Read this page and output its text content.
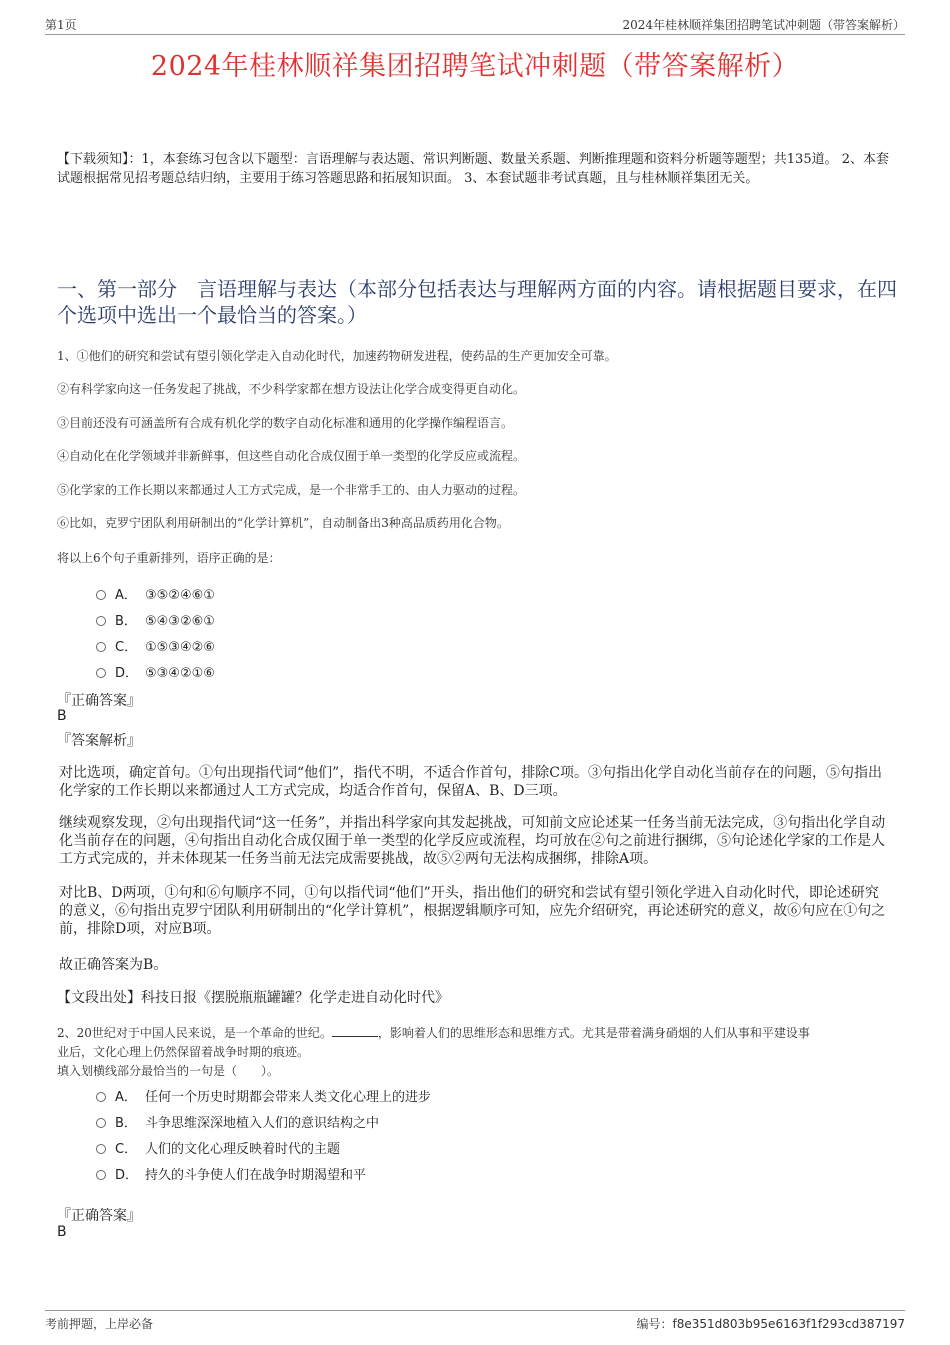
第1页	2024年桂林顺祥集团招聘笔试冲刺题（带答案解析）
2024年桂林顺祥集团招聘笔试冲刺题（带答案解析）
【下载须知】：1，本套练习包含以下题型：言语理解与表达题、常识判断题、数量关系题、判断推理题和资料分析题等题型；共135道。 2、本套试题根据常见招考题总结归纳，主要用于练习答题思路和拓展知识面。 3、本套试题非考试真题，且与桂林顺祥集团无关。
一、第一部分　言语理解与表达（本部分包括表达与理解两方面的内容。请根据题目要求，在四个选项中选出一个最恰当的答案。）
1、①他们的研究和尝试有望引领化学走入自动化时代，加速药物研发进程，使药品的生产更加安全可靠。
②有科学家向这一任务发起了挑战，不少科学家都在想方设法让化学合成变得更自动化。
③目前还没有可涵盖所有合成有机化学的数字自动化标准和通用的化学操作编程语言。
④自动化在化学领域并非新鲜事，但这些自动化合成仅囿于单一类型的化学反应或流程。
⑤化学家的工作长期以来都通过人工方式完成，是一个非常手工的、由人力驱动的过程。
⑥比如，克罗宁团队利用研制出的“化学计算机”，自动制备出3种高品质药用化合物。
将以上6个句子重新排列，语序正确的是：
A． ③⑤②④⑥①
B． ⑤④③②⑥①
C． ①⑤③④②⑥
D． ⑤③④②①⑥
『正确答案』
B
『答案解析』
对比选项，确定首句。①句出现指代词“他们”，指代不明，不适合作首句，排除C项。③句指出化学自动化当前存在的问题，⑤句指出化学家的工作长期以来都通过人工方式完成，均适合作首句，保留A、B、D三项。
继续观察发现，②句出现指代词“这一任务”，并指出科学家向其发起挑战，可知前文应论述某一任务当前无法完成，③句指出化学自动化当前存在的问题，④句指出自动化合成仅囿于单一类型的化学反应或流程，均可放在②句之前进行捆绑，⑤句论述化学家的工作是人工方式完成的，并未体现某一任务当前无法完成需要挑战，故⑤②两句无法构成捆绑，排除A项。
对比B、D两项，①句和⑥句顺序不同，①句以指代词“他们”开头，指出他们的研究和尝试有望引领化学进入自动化时代，即论述研究的意义，⑥句指出克罗宁团队利用研制出的“化学计算机”，根据逻辑顺序可知，应先介绍研究，再论述研究的意义，故⑥句应在①句之前，排除D项，对应B项。
故正确答案为B。
【文段出处】科技日报《摆脱瓶瓶罐罐？化学走进自动化时代》
2、20世纪对于中国人民来说，是一个革命的世纪。	，影响着人们的思维形态和思维方式。尤其是带着满身硝烟的人们从事和平建设事
业后，文化心理上仍然保留着战争时期的痕迹。
填入划横线部分最恰当的一句是（　　）。
A． 任何一个历史时期都会带来人类文化心理上的进步
B． 斗争思维深深地植入人们的意识结构之中
C． 人们的文化心理反映着时代的主题
D． 持久的斗争使人们在战争时期渴望和平
『正确答案』
B
考前押题，上岸必备	编号：f8e351d803b95e6163f1f293cd387197
